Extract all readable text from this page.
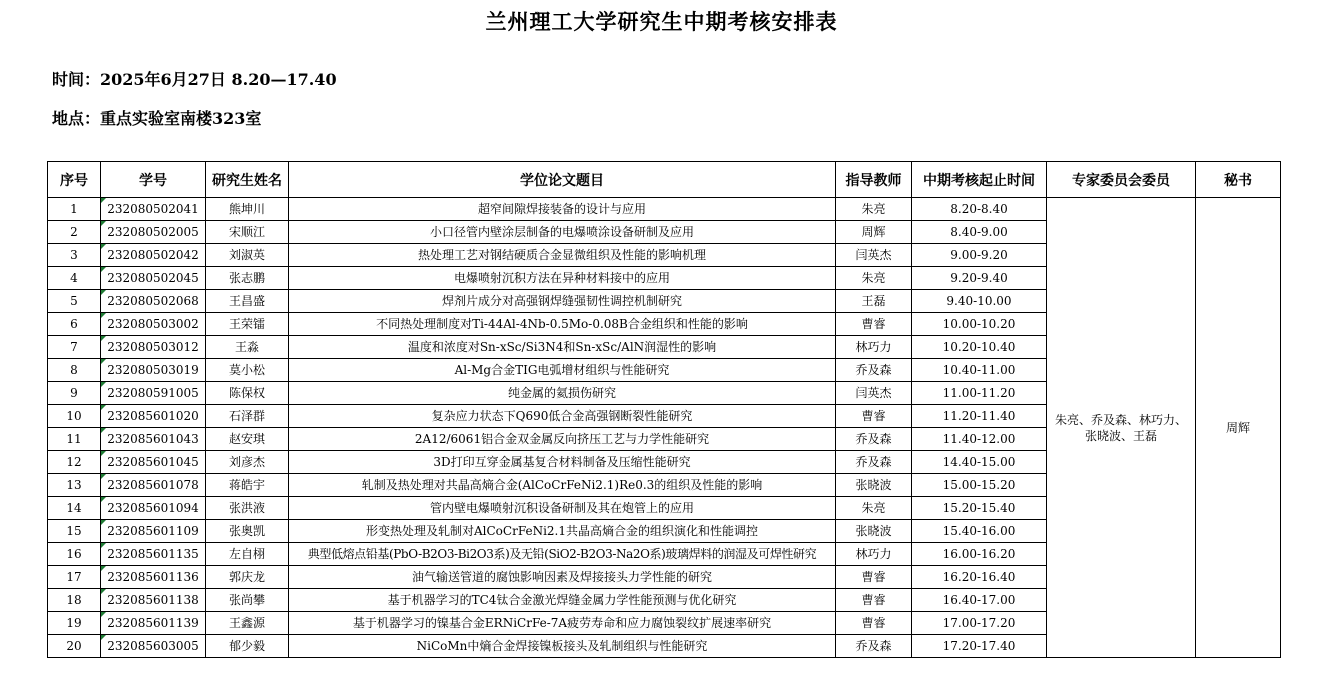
兰州理工大学研究生中期考核安排表
时间：2025年6月27日 8.20—17.40
地点：重点实验室南楼323室
序号	学号	研究生姓名	学位论文题目	指导教师	中期考核起止时间	专家委员会委员	秘书
1	232080502041	熊坤川	超窄间隙焊接装备的设计与应用	朱亮	8.20-8.40	朱亮、乔及森、林巧力、张晓波、王磊	周辉
2	232080502005	宋顺江	小口径管内壁涂层制备的电爆喷涂设备研制及应用	周辉	8.40-9.00		
3	232080502042	刘淑英	热处理工艺对钢结硬质合金显微组织及性能的影响机理	闫英杰	9.00-9.20		
4	232080502045	张志鹏	电爆喷射沉积方法在异种材料接中的应用	朱亮	9.20-9.40		
5	232080502068	王昌盛	焊剂片成分对高强钢焊缝强韧性调控机制研究	王磊	9.40-10.00		
6	232080503002	王荣镭	不同热处理制度对Ti-44Al-4Nb-0.5Mo-0.08B合金组织和性能的影响	曹睿	10.00-10.20		
7	232080503012	王淼	温度和浓度对Sn-xSc/Si3N4和Sn-xSc/AlN润湿性的影响	林巧力	10.20-10.40		
8	232080503019	莫小松	Al-Mg合金TIG电弧增材组织与性能研究	乔及森	10.40-11.00		
9	232080591005	陈保权	纯金属的氦损伤研究	闫英杰	11.00-11.20		
10	232085601020	石泽群	复杂应力状态下Q690低合金高强钢断裂性能研究	曹睿	11.20-11.40		
11	232085601043	赵安琪	2A12/6061铝合金双金属反向挤压工艺与力学性能研究	乔及森	11.40-12.00		
12	232085601045	刘彦杰	3D打印互穿金属基复合材料制备及压缩性能研究	乔及森	14.40-15.00		
13	232085601078	蒋皓宇	轧制及热处理对共晶高熵合金(AlCoCrFeNi2.1)Re0.3的组织及性能的影响	张晓波	15.00-15.20		
14	232085601094	张洪液	管内壁电爆喷射沉积设备研制及其在炮管上的应用	朱亮	15.20-15.40		
15	232085601109	张奥凯	形变热处理及轧制对AlCoCrFeNi2.1共晶高熵合金的组织演化和性能调控	张晓波	15.40-16.00		
16	232085601135	左自栩	典型低熔点铅基(PbO-B2O3-Bi2O3系)及无铅(SiO2-B2O3-Na2O系)玻璃焊料的润湿及可焊性研究	林巧力	16.00-16.20		
17	232085601136	郭庆龙	油气输送管道的腐蚀影响因素及焊接接头力学性能的研究	曹睿	16.20-16.40		
18	232085601138	张尚攀	基于机器学习的TC4钛合金激光焊缝金属力学性能预测与优化研究	曹睿	16.40-17.00		
19	232085601139	王鑫源	基于机器学习的镍基合金ERNiCrFe-7A疲劳寿命和应力腐蚀裂纹扩展速率研究	曹睿	17.00-17.20		
20	232085603005	郁少毅	NiCoMn中熵合金焊接镍板接头及轧制组织与性能研究	乔及森	17.20-17.40		
